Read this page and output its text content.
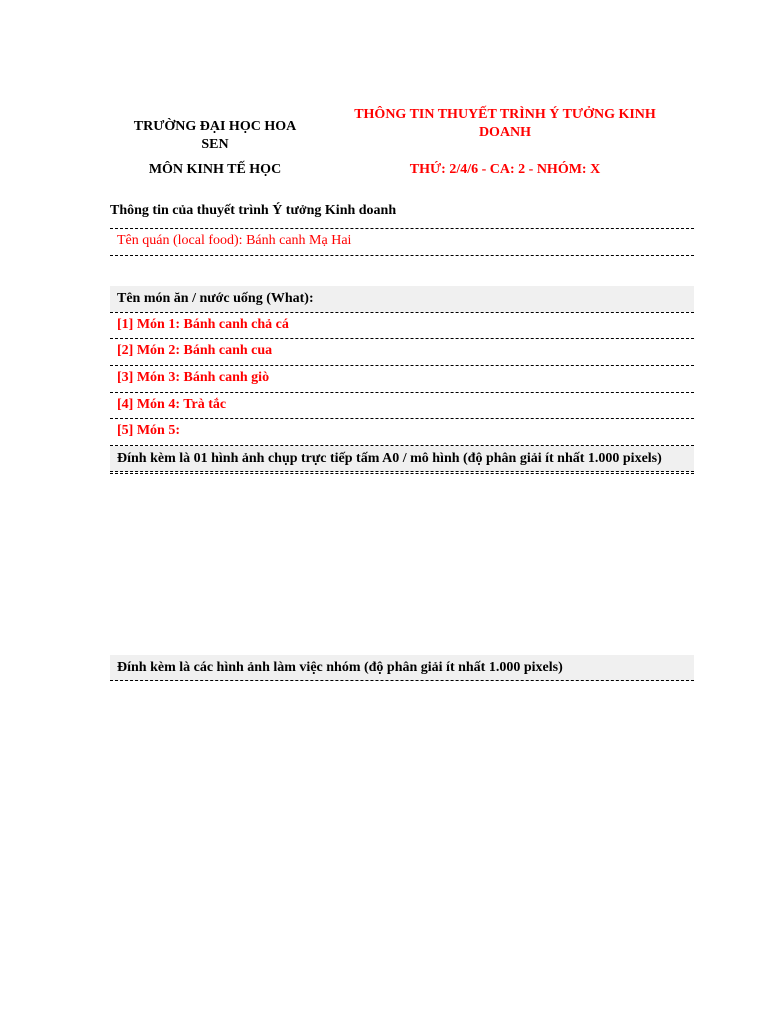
TRƯỜNG ĐẠI HỌC HOA SEN
MÔN KINH TẾ HỌC
THÔNG TIN THUYẾT TRÌNH Ý TƯỞNG KINH DOANH
THỨ: 2/4/6 - CA: 2 - NHÓM: X
Thông tin của thuyết trình Ý tưởng Kinh doanh
Tên quán (local food): Bánh canh Mạ Hai
Tên món ăn / nước uống (What):
[1] Món 1: Bánh canh chả cá
[2] Món 2: Bánh canh cua
[3] Món 3: Bánh canh giò
[4] Món 4: Trà tắc
[5] Món 5:
Đính kèm là 01 hình ảnh chụp trực tiếp tấm A0 / mô hình (độ phân giải ít nhất 1.000 pixels)
Đính kèm là các hình ảnh làm việc nhóm (độ phân giải ít nhất 1.000 pixels)
